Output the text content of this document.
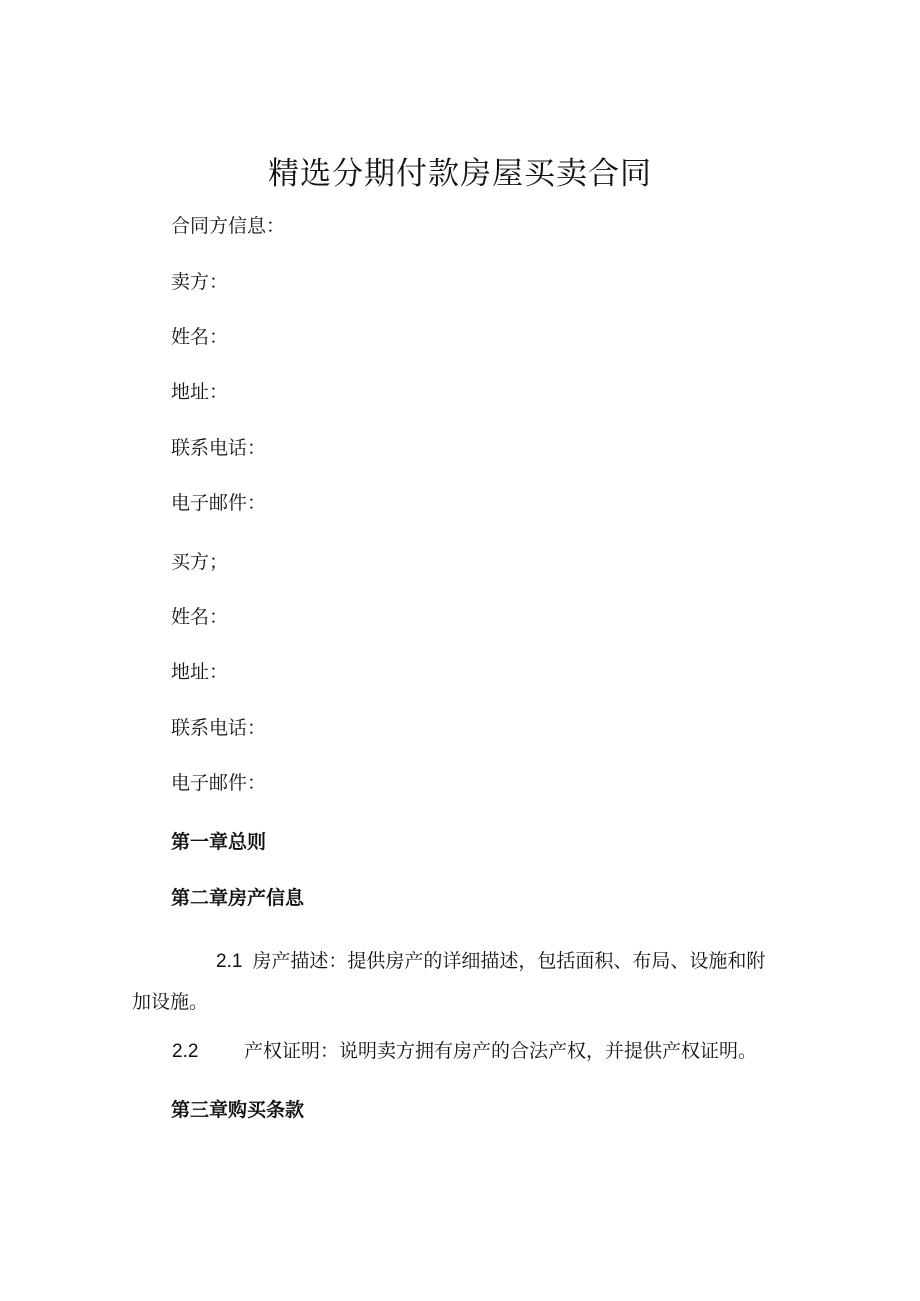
精选分期付款房屋买卖合同

合同方信息：

卖方：

姓名：

地址：

联系电话：

电子邮件：

买方；

姓名：

地址：

联系电话：

电子邮件：

第一章总则
第二章房产信息

2.1 房产描述：提供房产的详细描述，包括面积、布局、设施和附加设施。

2.2 产权证明：说明卖方拥有房产的合法产权，并提供产权证明。

第三章购买条款
